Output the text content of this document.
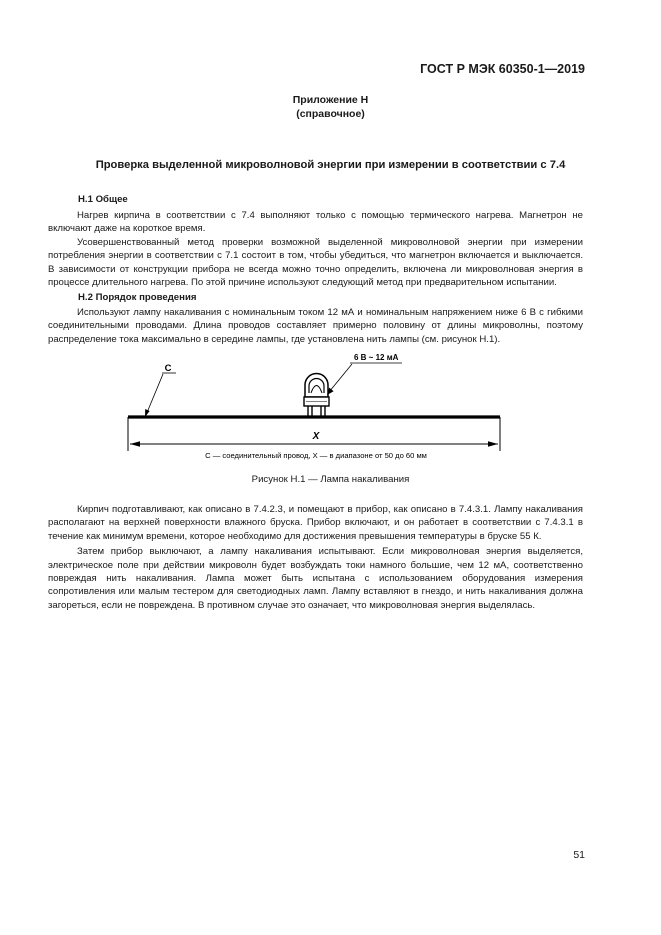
ГОСТ Р МЭК 60350-1—2019
Приложение Н
(справочное)
Проверка выделенной микроволновой энергии при измерении в соответствии с 7.4
Н.1 Общее

Нагрев кирпича в соответствии с 7.4 выполняют только с помощью термического нагрева. Магнетрон не включают даже на короткое время.

Усовершенствованный метод проверки возможной выделенной микроволновой энергии при измерении потребления энергии в соответствии с 7.1 состоит в том, чтобы убедиться, что магнетрон включается и выключается. В зависимости от конструкции прибора не всегда можно точно определить, включена ли микроволновая энергия в процессе длительного нагрева. По этой причине используют следующий метод при предварительном испытании.

Н.2 Порядок проведения

Используют лампу накаливания с номинальным током 12 мА и номинальным напряжением ниже 6 В с гибкими соединительными проводами. Длина проводов составляет примерно половину от длины микроволны, поэтому распределение тока максимально в середине лампы, где установлена нить лампы (см. рисунок Н.1).

X
C
6 В ~ 12 мА
C — соединительный провод, X — в диапазоне от 50 до 60 мм
Рисунок Н.1 — Лампа накаливания

Кирпич подготавливают, как описано в 7.4.2.3, и помещают в прибор, как описано в 7.4.3.1. Лампу накаливания располагают на верхней поверхности влажного бруска. Прибор включают, и он работает в соответствии с 7.4.3.1 в течение как минимум времени, которое необходимо для достижения превышения температуры в бруске 55 К.

Затем прибор выключают, а лампу накаливания испытывают. Если микроволновая энергия выделяется, электрическое поле при действии микроволн будет возбуждать токи намного большие, чем 12 мА, соответственно повреждая нить накаливания. Лампа может быть испытана с использованием оборудования измерения сопротивления или малым тестером для светодиодных ламп. Лампу вставляют в гнездо, и нить накаливания должна загореться, если не повреждена. В противном случае это означает, что микроволновая энергия выделялась.

51
